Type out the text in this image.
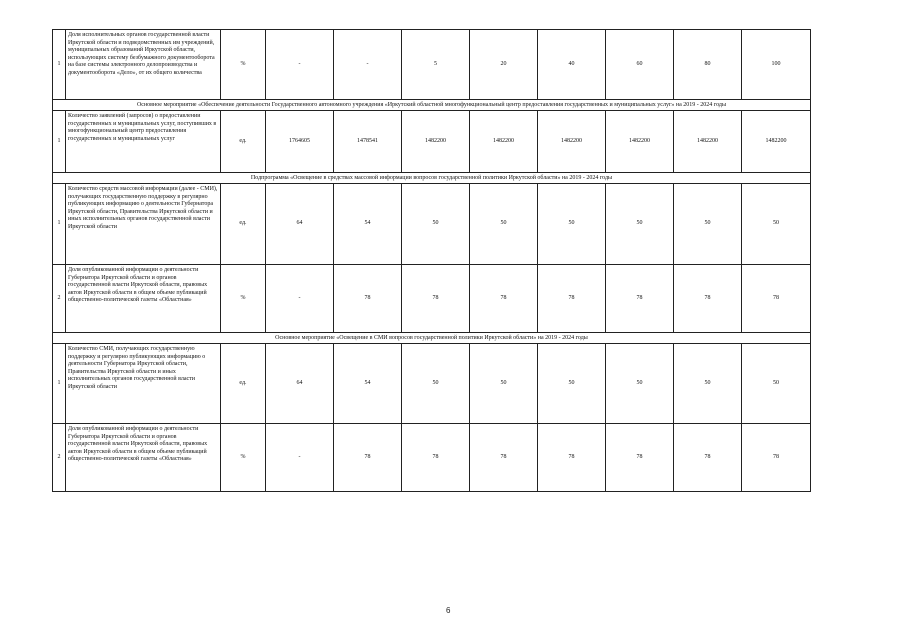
1	Доля исполнительных органов государственной власти Иркутской области и подведомственных им учреждений, муниципальных образований Иркутской области, использующих систему безбумажного документооборота на базе системы электронного делопроизводства и документооборота «Дело», от их общего количества	%	-	-	5	20	40	60	80	100
Основное мероприятие «Обеспечение деятельности Государственного автономного учреждения «Иркутский областной многофункциональный центр предоставления государственных и муниципальных услуг» на 2019 - 2024 годы										
1	Количество заявлений (запросов) о предоставлении государственных и муниципальных услуг, поступивших в многофункциональный центр предоставления государственных и муниципальных услуг	ед.	1764605	1478541	1482200	1482200	1482200	1482200	1482200	1482200
Подпрограмма «Освещение в средствах массовой информации вопросов государственной политики Иркутской области» на 2019 - 2024 годы										
1	Количество средств массовой информации (далее - СМИ), получающих государственную поддержку в регулярно публикующих информацию о деятельности Губернатора Иркутской области, Правительства Иркутской области и иных исполнительных органов государственной власти Иркутской области	ед.	64	54	50	50	50	50	50	50
2	Доля опубликованной информации о деятельности Губернатора Иркутской области и органов государственной власти Иркутской области, правовых актов Иркутской области в общем объеме публикаций общественно-политической газеты «Областная»	%	-	78	78	78	78	78	78	78
Основное мероприятие «Освещение в СМИ вопросов государственной политики Иркутской области» на 2019 - 2024 годы										
1	Количество СМИ, получающих государственную поддержку и регулярно публикующих информацию о деятельности Губернатора Иркутской области, Правительства Иркутской области и иных исполнительных органов государственной власти Иркутской области	ед.	64	54	50	50	50	50	50	50
2	Доля опубликованной информации о деятельности Губернатора Иркутской области и органов государственной власти Иркутской области, правовых актов Иркутской области в общем объеме публикаций общественно-политической газеты «Областная»	%	-	78	78	78	78	78	78	78
6
